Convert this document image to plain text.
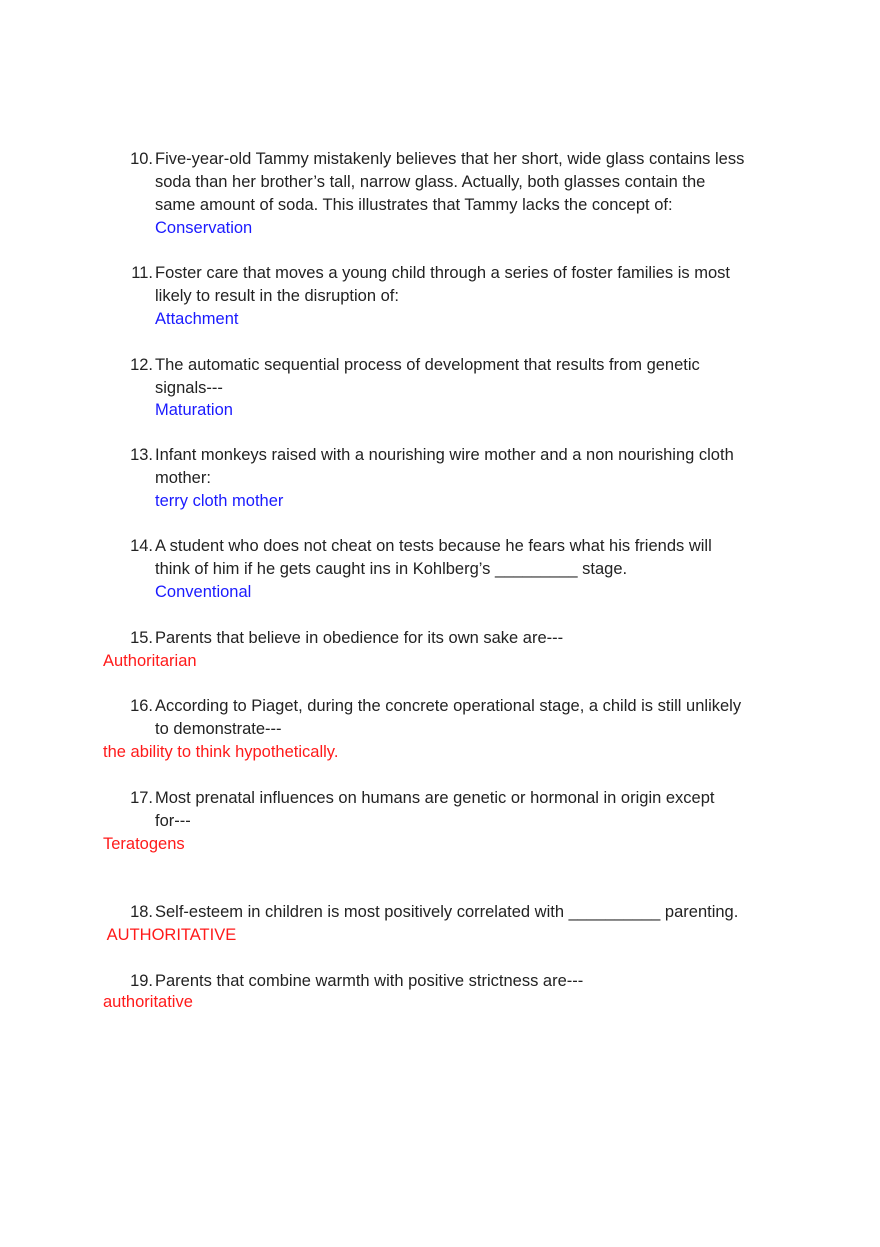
10. Five-year-old Tammy mistakenly believes that her short, wide glass contains less
soda than her brother’s tall, narrow glass. Actually, both glasses contain the
same amount of soda. This illustrates that Tammy lacks the concept of:
Conservation
11. Foster care that moves a young child through a series of foster families is most
likely to result in the disruption of:
Attachment
12. The automatic sequential process of development that results from genetic
signals---
Maturation
13. Infant monkeys raised with a nourishing wire mother and a non nourishing cloth
mother:
terry cloth mother
14. A student who does not cheat on tests because he fears what his friends will
think of him if he gets caught ins in Kohlberg’s _________ stage.
Conventional
15. Parents that believe in obedience for its own sake are---
Authoritarian
16. According to Piaget, during the concrete operational stage, a child is still unlikely
to demonstrate---
the ability to think hypothetically.
17. Most prenatal influences on humans are genetic or hormonal in origin except
for---
Teratogens
18. Self-esteem in children is most positively correlated with __________ parenting.
AUTHORITATIVE
19. Parents that combine warmth with positive strictness are---
authoritative
